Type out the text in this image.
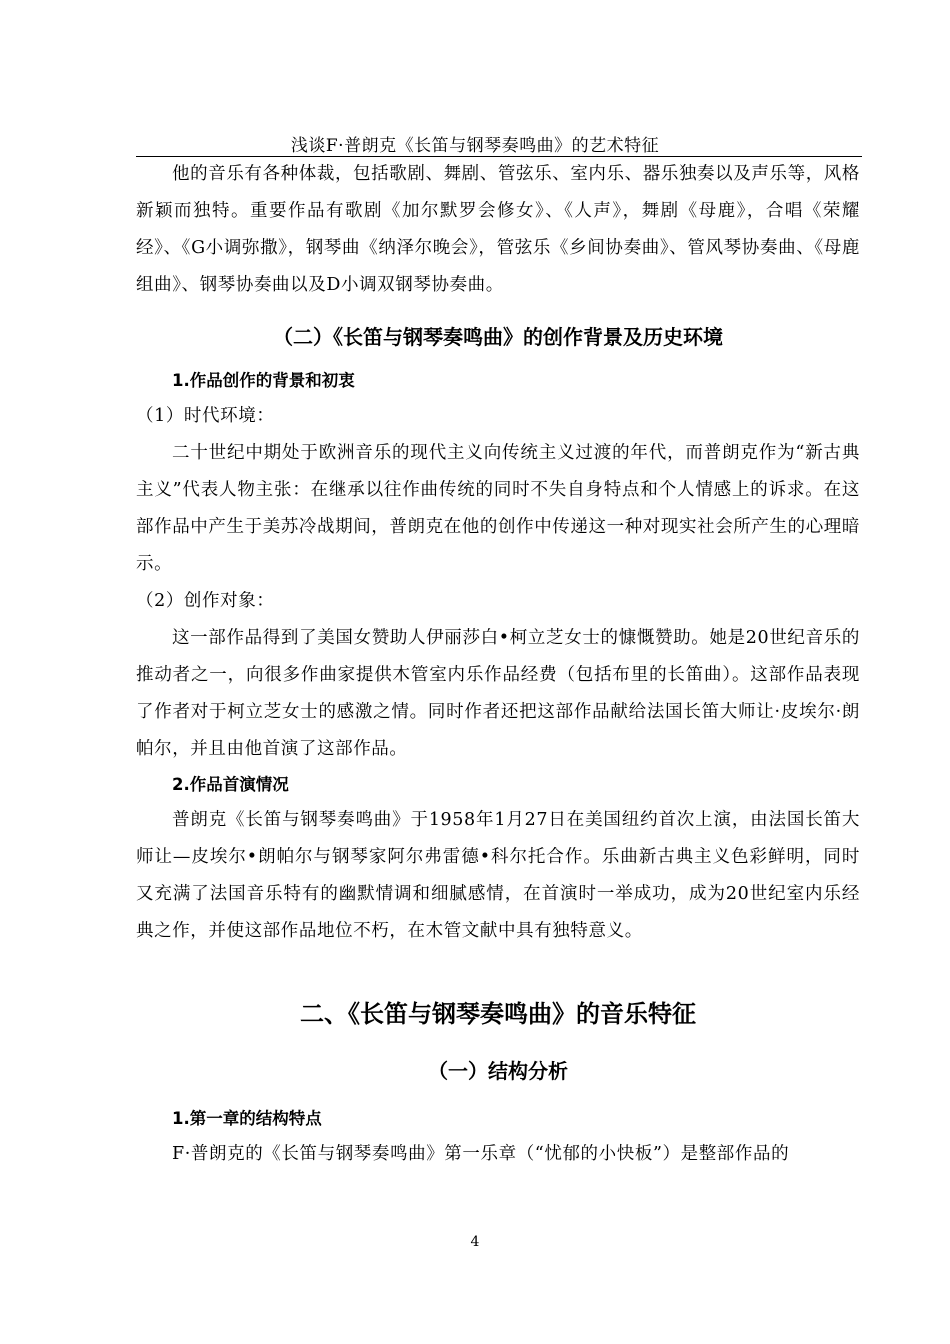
浅谈F·普朗克《长笛与钢琴奏鸣曲》的艺术特征

他的音乐有各种体裁，包括歌剧、舞剧、管弦乐、室内乐、器乐独奏以及声乐等，风格新颖而独特。重要作品有歌剧《加尔默罗会修女》、《人声》，舞剧《母鹿》，合唱《荣耀经》、《G小调弥撒》，钢琴曲《纳泽尔晚会》，管弦乐《乡间协奏曲》、管风琴协奏曲、《母鹿组曲》、钢琴协奏曲以及D小调双钢琴协奏曲。

（二）《长笛与钢琴奏鸣曲》的创作背景及历史环境
1.作品创作的背景和初衷

（1）时代环境：

二十世纪中期处于欧洲音乐的现代主义向传统主义过渡的年代，而普朗克作为“新古典主义”代表人物主张：在继承以往作曲传统的同时不失自身特点和个人情感上的诉求。在这部作品中产生于美苏冷战期间，普朗克在他的创作中传递这一种对现实社会所产生的心理暗示。

（2）创作对象：

这一部作品得到了美国女赞助人伊丽莎白•柯立芝女士的慷慨赞助。她是20世纪音乐的推动者之一，向很多作曲家提供木管室内乐作品经费（包括布里的长笛曲）。这部作品表现了作者对于柯立芝女士的感激之情。同时作者还把这部作品献给法国长笛大师让·皮埃尔·朗帕尔，并且由他首演了这部作品。

2.作品首演情况

普朗克《长笛与钢琴奏鸣曲》于1958年1月27日在美国纽约首次上演，由法国长笛大师让—皮埃尔•朗帕尔与钢琴家阿尔弗雷德•科尔托合作。乐曲新古典主义色彩鲜明，同时又充满了法国音乐特有的幽默情调和细腻感情，在首演时一举成功，成为20世纪室内乐经典之作，并使这部作品地位不朽，在木管文献中具有独特意义。

二、《长笛与钢琴奏鸣曲》的音乐特征
（一）结构分析
1.第一章的结构特点

F·普朗克的《长笛与钢琴奏鸣曲》第一乐章（“忧郁的小快板”）是整部作品的

4
